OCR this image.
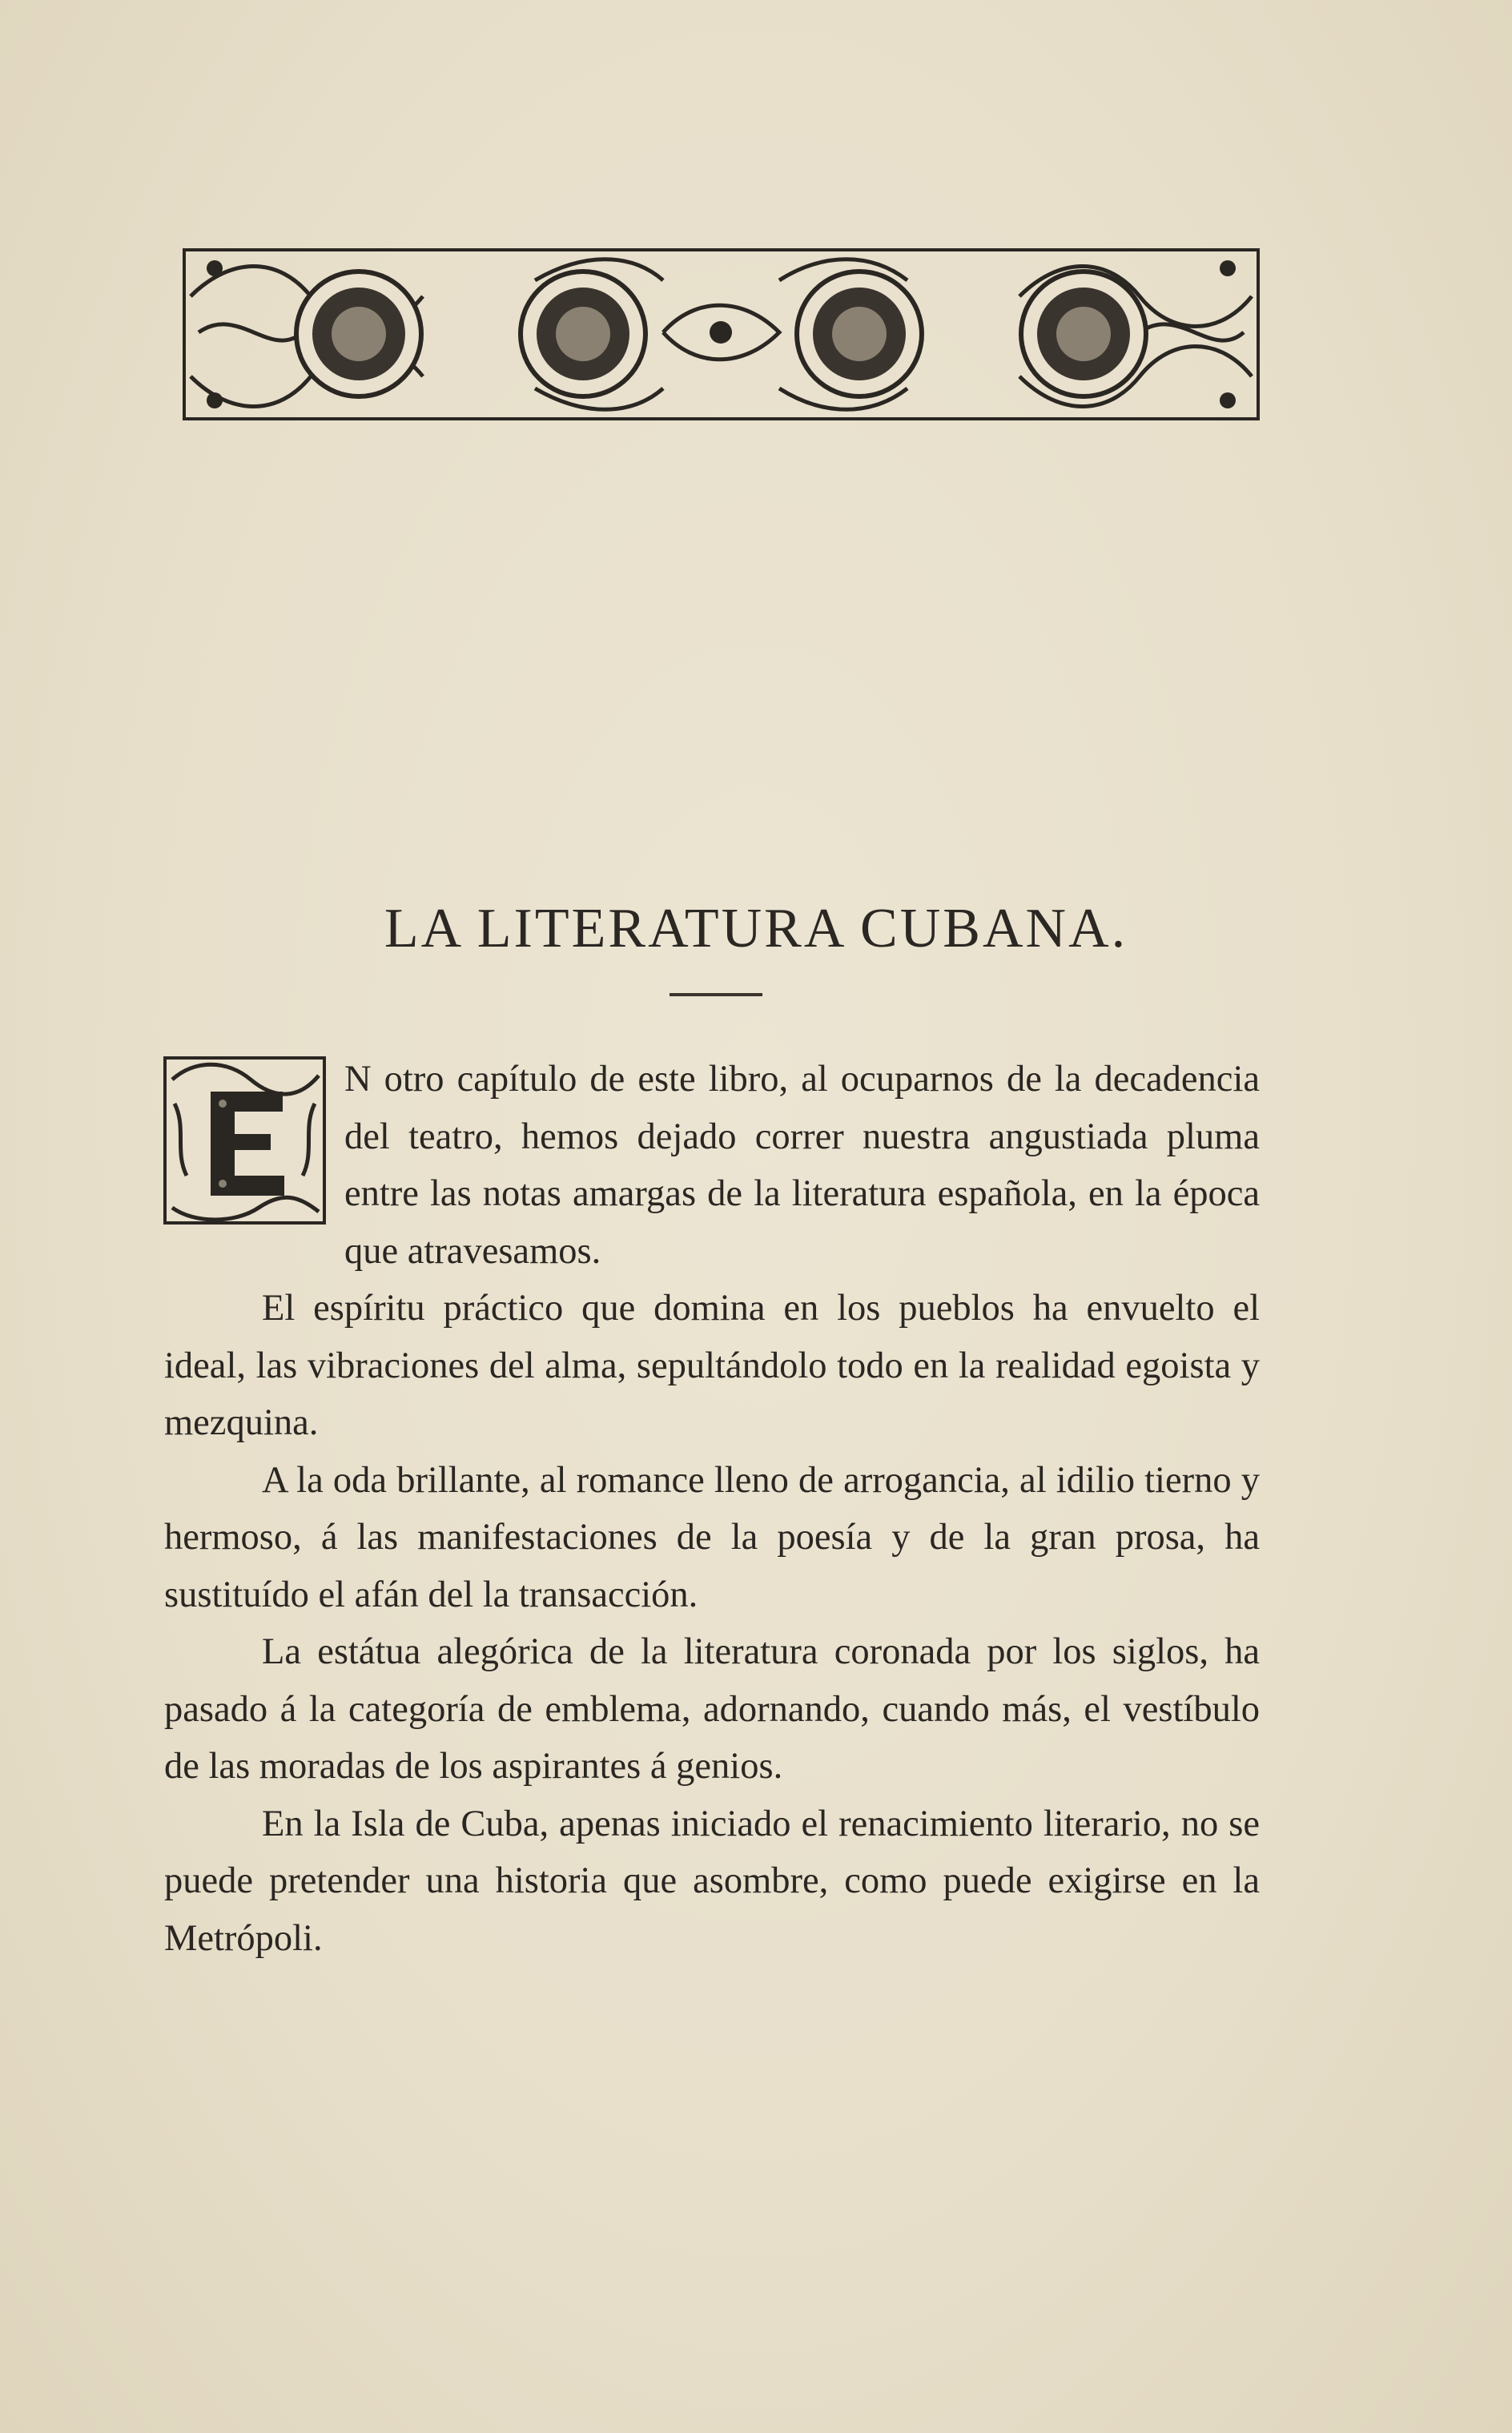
LA LITERATURA CUBANA.

N otro capítulo de este libro, al ocuparnos de la decadencia del teatro, hemos dejado correr nuestra angustiada pluma entre las notas amargas de la literatura española, en la época que atravesamos.

El espíritu práctico que domina en los pueblos ha envuelto el ideal, las vibraciones del alma, sepultándolo todo en la realidad egoista y mezquina.

A la oda brillante, al romance lleno de arrogancia, al idilio tierno y hermoso, á las manifestaciones de la poesía y de la gran prosa, ha sustituído el afán del la transacción.

La estátua alegórica de la literatura coronada por los siglos, ha pasado á la categoría de emblema, adornando, cuando más, el vestíbulo de las moradas de los aspirantes á genios.

En la Isla de Cuba, apenas iniciado el renacimiento literario, no se puede pretender una historia que asombre, como puede exigirse en la Metrópoli.
